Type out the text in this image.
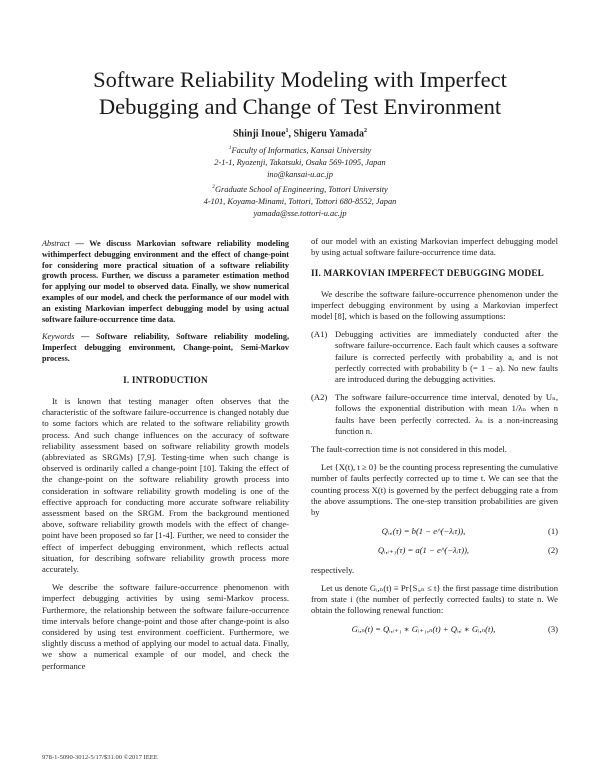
Software Reliability Modeling with Imperfect
Debugging and Change of Test Environment
Shinji Inoue$^1$, Shigeru Yamada$^2$
$^1$Faculty of Informatics, Kansai University
2-1-1, Ryozenji, Takatsuki, Osaka 569-1095, Japan
ino@kansai-u.ac.jp
$^2$Graduate School of Engineering, Tottori University
4-101, Koyama-Minami, Tottori, Tottori 680-8552, Japan
yamada@sse.tottori-u.ac.jp

Abstract — We discuss Markovian software reliability modeling withimperfect debugging environment and the effect of change-point for considering more practical situation of a software reliability growth process. Further, we discuss a parameter estimation method for applying our model to observed data. Finally, we show numerical examples of our model, and check the performance of our model with an existing Markovian imperfect debugging model by using actual software failure-occurrence time data.

Keywords — Software reliability, Software reliability modeling, Imperfect debugging environment, Change-point, Semi-Markov process.

I. INTRODUCTION

It is known that testing manager often observes that the characteristic of the software failure-occurrence is changed notably due to some factors which are related to the software reliability growth process. And such change influences on the accuracy of software reliability assessment based on software reliability growth models (abbreviated as SRGMs) [7,9]. Testing-time when such change is observed is ordinarily called a change-point [10]. Taking the effect of the change-point on the software reliability growth process into consideration in software reliability growth modeling is one of the effective approach for conducting more accurate software reliability assessment based on the SRGM. From the background mentioned above, software reliability growth models with the effect of change-point have been proposed so far [1-4]. Further, we need to consider the effect of imperfect debugging environment, which reflects actual situation, for describing software reliability growth process more accurately.

We describe the software failure-occurrence phenomenon with imperfect debugging activities by using semi-Markov process. Furthermore, the relationship between the software failure-occurrence time intervals before change-point and those after change-point is also considered by using test environment coefficient. Furthermore, we slightly discuss a method of applying our model to actual data. Finally, we show a numerical example of our model, and check the performance

of our model with an existing Markovian imperfect debugging model by using actual software failure-occurrence time data.

II. MARKOVIAN IMPERFECT DEBUGGING MODEL

We describe the software failure-occurrence phenomenon under the imperfect debugging environment by using a Markovian imperfect model [8], which is based on the following assumptions:

(A1) Debugging activities are immediately conducted after the software failure-occurrence. Each fault which causes a software failure is corrected perfectly with probability a, and is not perfectly corrected with probability b (= 1 − a). No new faults are introduced during the debugging activities.
(A2) The software failure-occurrence time interval, denoted by Uₙ, follows the exponential distribution with mean 1/λₙ when n faults have been perfectly corrected. λₙ is a non-increasing function n.

The fault-correction time is not considered in this model.

Let {X(t), t ≥ 0} be the counting process representing the cumulative number of faults perfectly corrected up to time t. We can see that the counting process X(t) is governed by the perfect debugging rate a from the above assumptions. The one-step transition probabilities are given by

Qᵢ,ᵢ(τ) = b(1 − e^(−λᵢτ)),	(1)
Qᵢ,ᵢ₊₁(τ) = a(1 − e^(−λᵢτ)),	(2)

respectively.

Let us denote Gᵢ,ₙ(t) ≡ Pr{Sᵢ,ₙ ≤ t} the first passage time distribution from state i (the number of perfectly corrected faults) to state n. We obtain the following renewal function:

Gᵢ,ₙ(t) = Qᵢ,ᵢ₊₁ ∗ Gᵢ₊₁,ₙ(t) + Qᵢ,ᵢ ∗ Gᵢ,ₙ(t),	(3)
978-1-5090-3012-5/17/$31.00 ©2017 IEEE
